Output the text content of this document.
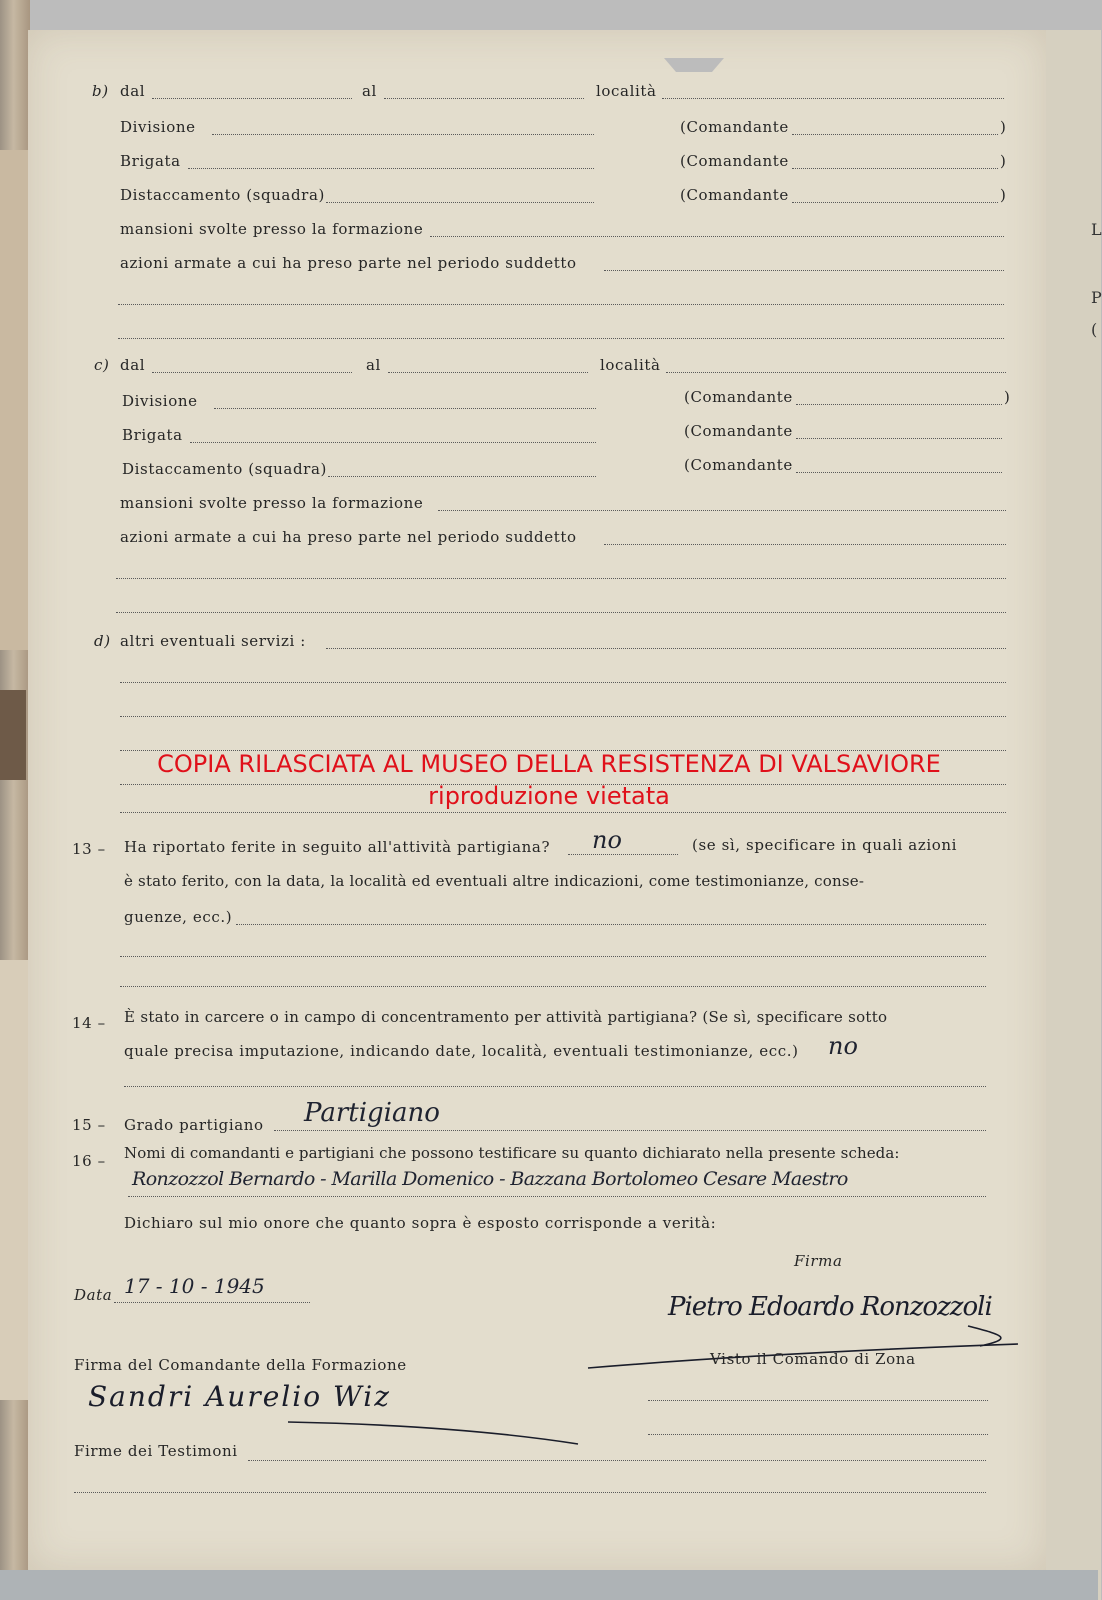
L
P
(
b) dal	al	località
Divisione	(Comandante	)
Brigata	(Comandante	)
Distaccamento (squadra)	(Comandante	)
mansioni svolte presso la formazione
azioni armate a cui ha preso parte nel periodo suddetto
c) dal	al	località
Divisione	(Comandante	)
Brigata	(Comandante
Distaccamento (squadra)	(Comandante
mansioni svolte presso la formazione
azioni armate a cui ha preso parte nel periodo suddetto
d) altri eventuali servizi :
13 – Ha riportato ferite in seguito all'attività partigiana? no	(se sì, specificare in quali azioni
è stato ferito, con la data, la località ed eventuali altre indicazioni, come testimonianze, conse-
guenze, ecc.)
14 – È stato in carcere o in campo di concentramento per attività partigiana? (Se sì, specificare sotto
quale precisa imputazione, indicando date, località, eventuali testimonianze, ecc.) no
15 – Grado partigiano Partigiano
16 – Nomi di comandanti e partigiani che possono testificare su quanto dichiarato nella presente scheda:
Ronzozzol Bernardo - Marilla Domenico - Bazzana Bortolomeo Cesare Maestro
Dichiaro sul mio onore che quanto sopra è esposto corrisponde a verità:
Firma
Data 17 - 10 - 1945
Pietro Edoardo Ronzozzoli
Visto il Comando di Zona
Firma del Comandante della Formazione
Sandri Aurelio Wiz
Firme dei Testimoni
COPIA RILASCIATA AL MUSEO DELLA RESISTENZA DI VALSAVIORE
riproduzione vietata
